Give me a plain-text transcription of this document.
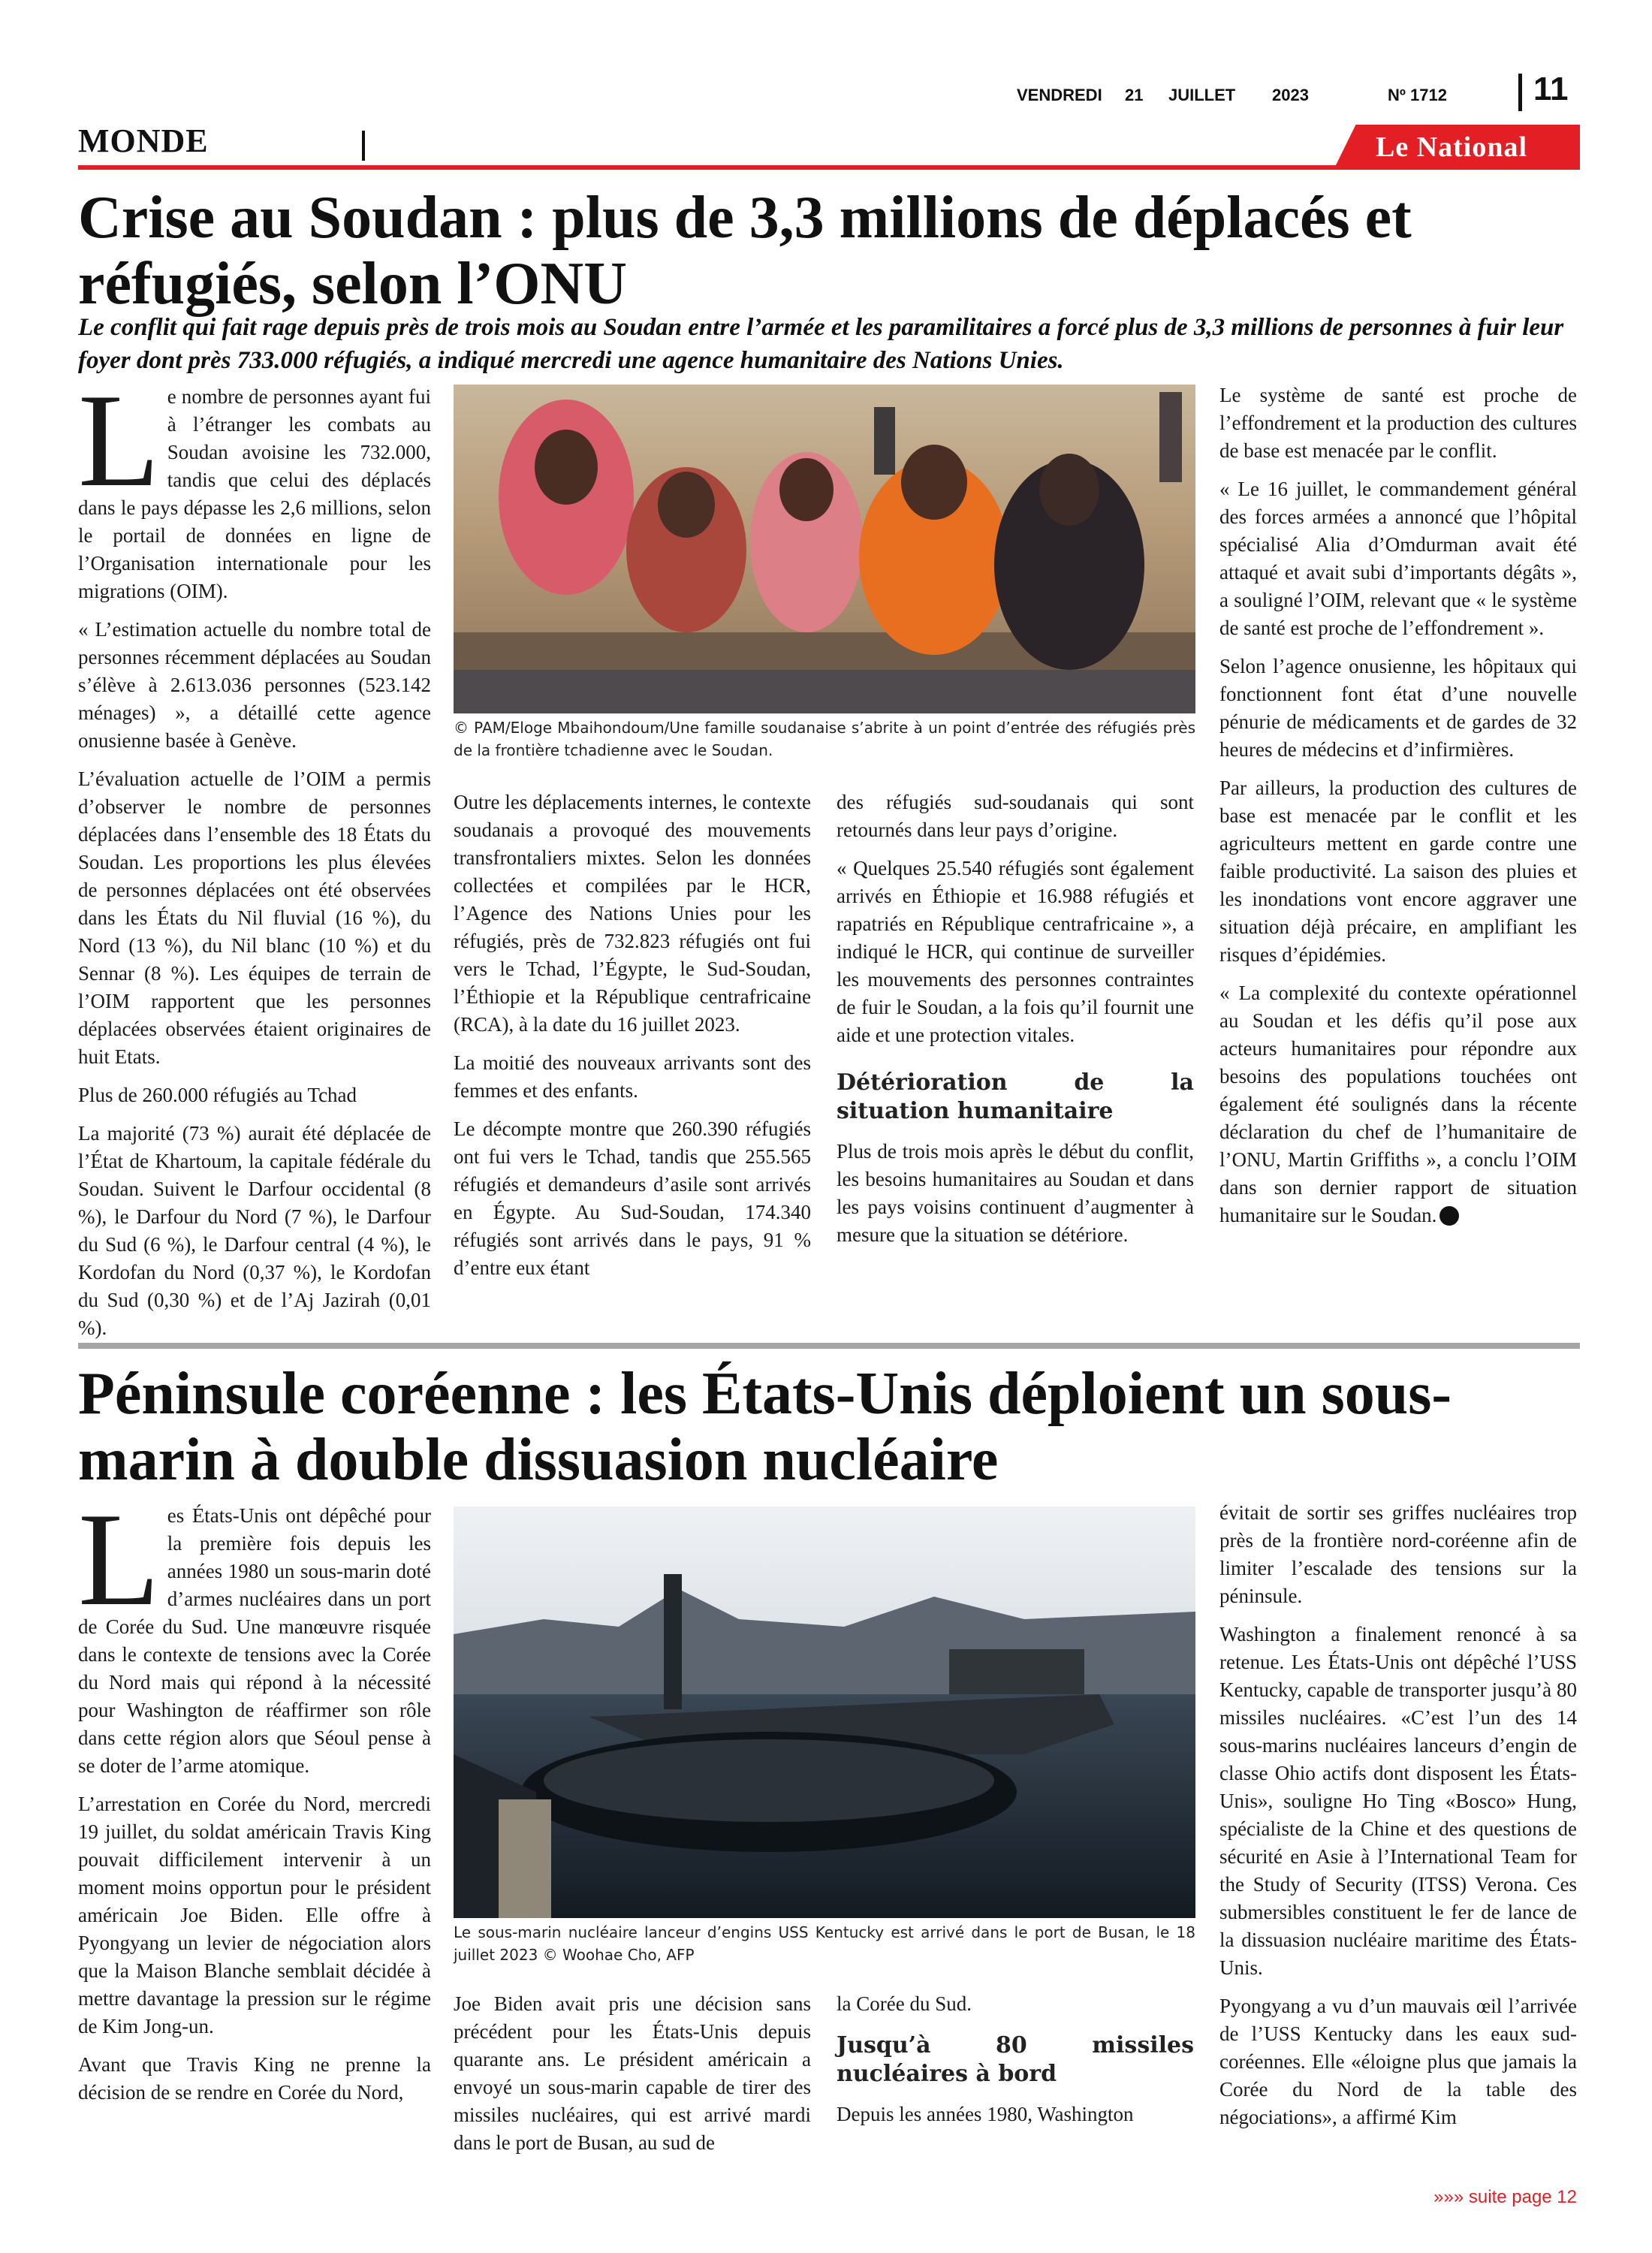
VENDREDI 21 JUILLET 2023	Nº 1712	11
MONDE	Le National
Crise au Soudan : plus de 3,3 millions de déplacés et réfugiés, selon l’ONU
Le conflit qui fait rage depuis près de trois mois au Soudan entre l’armée et les paramilitaires a forcé plus de 3,3 millions de personnes à fuir leur foyer dont près 733.000 réfugiés, a indiqué mercredi une agence humanitaire des Nations Unies.

Le nombre de personnes ayant fui à l’étranger les combats au Soudan avoisine les 732.000, tandis que celui des déplacés dans le pays dépasse les 2,6 millions, selon le portail de données en ligne de l’Organisation internationale pour les migrations (OIM).

« L’estimation actuelle du nombre total de personnes récemment déplacées au Soudan s’élève à 2.613.036 personnes (523.142 ménages) », a détaillé cette agence onusienne basée à Genève.

L’évaluation actuelle de l’OIM a permis d’observer le nombre de personnes déplacées dans l’ensemble des 18 États du Soudan. Les proportions les plus élevées de personnes déplacées ont été observées dans les États du Nil fluvial (16 %), du Nord (13 %), du Nil blanc (10 %) et du Sennar (8 %). Les équipes de terrain de l’OIM rapportent que les personnes déplacées observées étaient originaires de huit Etats.

Plus de 260.000 réfugiés au Tchad

La majorité (73 %) aurait été déplacée de l’État de Khartoum, la capitale fédérale du Soudan. Suivent le Darfour occidental (8 %), le Darfour du Nord (7 %), le Darfour du Sud (6 %), le Darfour central (4 %), le Kordofan du Nord (0,37 %), le Kordofan du Sud (0,30 %) et de l’Aj Jazirah (0,01 %).

© PAM/Eloge Mbaihondoum/Une famille soudanaise s’abrite à un point d’entrée des réfugiés près de la frontière tchadienne avec le Soudan.

Outre les déplacements internes, le contexte soudanais a provoqué des mouvements transfrontaliers mixtes. Selon les données collectées et compilées par le HCR, l’Agence des Nations Unies pour les réfugiés, près de 732.823 réfugiés ont fui vers le Tchad, l’Égypte, le Sud-Soudan, l’Éthiopie et la République centrafricaine (RCA), à la date du 16 juillet 2023.

La moitié des nouveaux arrivants sont des femmes et des enfants.

Le décompte montre que 260.390 réfugiés ont fui vers le Tchad, tandis que 255.565 réfugiés et demandeurs d’asile sont arrivés en Égypte. Au Sud-Soudan, 174.340 réfugiés sont arrivés dans le pays, 91 % d’entre eux étant

des réfugiés sud-soudanais qui sont retournés dans leur pays d’origine.

« Quelques 25.540 réfugiés sont également arrivés en Éthiopie et 16.988 réfugiés et rapatriés en République centrafricaine », a indiqué le HCR, qui continue de surveiller les mouvements des personnes contraintes de fuir le Soudan, a la fois qu’il fournit une aide et une protection vitales.

Détérioration de la situation humanitaire

Plus de trois mois après le début du conflit, les besoins humanitaires au Soudan et dans les pays voisins continuent d’augmenter à mesure que la situation se détériore.

Le système de santé est proche de l’effondrement et la production des cultures de base est menacée par le conflit.

« Le 16 juillet, le commandement général des forces armées a annoncé que l’hôpital spécialisé Alia d’Omdurman avait été attaqué et avait subi d’importants dégâts », a souligné l’OIM, relevant que « le système de santé est proche de l’effondrement ».

Selon l’agence onusienne, les hôpitaux qui fonctionnent font état d’une nouvelle pénurie de médicaments et de gardes de 32 heures de médecins et d’infirmières.

Par ailleurs, la production des cultures de base est menacée par le conflit et les agriculteurs mettent en garde contre une faible productivité. La saison des pluies et les inondations vont encore aggraver une situation déjà précaire, en amplifiant les risques d’épidémies.

« La complexité du contexte opérationnel au Soudan et les défis qu’il pose aux acteurs humanitaires pour répondre aux besoins des populations touchées ont également été soulignés dans la récente déclaration du chef de l’humanitaire de l’ONU, Martin Griffiths », a conclu l’OIM dans son dernier rapport de situation humanitaire sur le Soudan.

Péninsule coréenne : les États-Unis déploient un sous-marin à double dissuasion nucléaire

Les États-Unis ont dépêché pour la première fois depuis les années 1980 un sous-marin doté d’armes nucléaires dans un port de Corée du Sud. Une manœuvre risquée dans le contexte de tensions avec la Corée du Nord mais qui répond à la nécessité pour Washington de réaffirmer son rôle dans cette région alors que Séoul pense à se doter de l’arme atomique.

L’arrestation en Corée du Nord, mercredi 19 juillet, du soldat américain Travis King pouvait difficilement intervenir à un moment moins opportun pour le président américain Joe Biden. Elle offre à Pyongyang un levier de négociation alors que la Maison Blanche semblait décidée à mettre davantage la pression sur le régime de Kim Jong-un.

Avant que Travis King ne prenne la décision de se rendre en Corée du Nord,

Le sous-marin nucléaire lanceur d’engins USS Kentucky est arrivé dans le port de Busan, le 18 juillet 2023 © Woohae Cho, AFP

Joe Biden avait pris une décision sans précédent pour les États-Unis depuis quarante ans. Le président américain a envoyé un sous-marin capable de tirer des missiles nucléaires, qui est arrivé mardi dans le port de Busan, au sud de

la Corée du Sud.

Jusqu’à 80 missiles nucléaires à bord

Depuis les années 1980, Washington

évitait de sortir ses griffes nucléaires trop près de la frontière nord-coréenne afin de limiter l’escalade des tensions sur la péninsule.

Washington a finalement renoncé à sa retenue. Les États-Unis ont dépêché l’USS Kentucky, capable de transporter jusqu’à 80 missiles nucléaires. «C’est l’un des 14 sous-marins nucléaires lanceurs d’engin de classe Ohio actifs dont disposent les États-Unis», souligne Ho Ting «Bosco» Hung, spécialiste de la Chine et des questions de sécurité en Asie à l’International Team for the Study of Security (ITSS) Verona. Ces submersibles constituent le fer de lance de la dissuasion nucléaire maritime des États-Unis.

Pyongyang a vu d’un mauvais œil l’arrivée de l’USS Kentucky dans les eaux sud-coréennes. Elle «éloigne plus que jamais la Corée du Nord de la table des négociations», a affirmé Kim

»»» suite page 12
